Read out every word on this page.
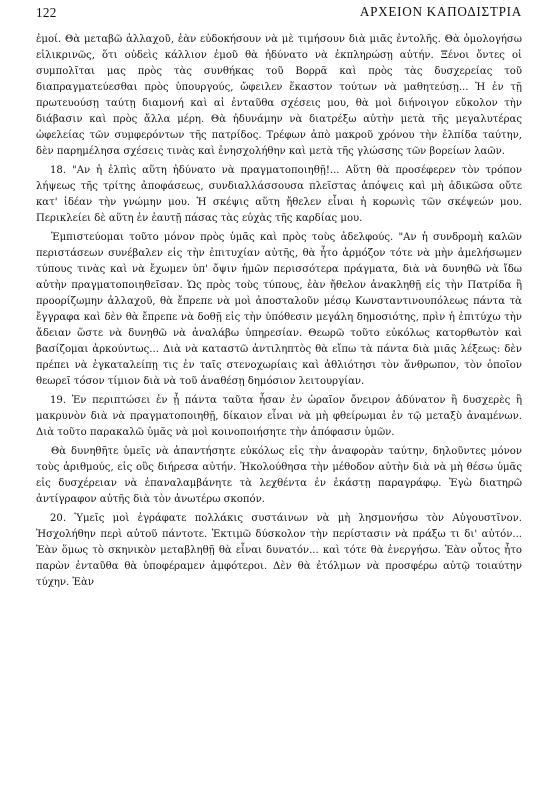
122	ΑΡΧΕΙΟΝ ΚΑΠΟΔΙΣΤΡΙΑ

ἐμοί. Θὰ μεταβῶ ἀλλαχοῦ, ἐὰν εὐδοκήσουν νὰ μὲ τιμήσουν διὰ μιᾶς ἐντολῆς. Θὰ ὁμολογήσω εἰλικρινῶς, ὅτι οὐδεὶς κάλλιον ἐμοῦ θὰ ἠδύνατο νὰ ἐκπληρώσῃ αὐτήν. Ξένοι ὄντες οἱ συμπολῖται μας πρὸς τὰς συνθήκας τοῦ Βορρᾶ καὶ πρὸς τὰς δυσχερείας τοῦ διαπραγματεύεσθαι πρὸς ὑπουργούς, ὤφειλεν ἕκαστον τούτων νὰ μαθητεύσῃ... Ἡ ἐν τῇ πρωτευούσῃ ταύτῃ διαμονή καὶ αἱ ἐνταῦθα σχέσεις μου, θὰ μοὶ διήνοιγον εὔκολον τὴν διάβασιν καὶ πρὸς ἄλλα μέρη. Θὰ ἠδυνάμην νὰ διατρέξω αὐτὴν μετὰ τῆς μεγαλυτέρας ὠφελείας τῶν συμφερόντων τῆς πατρίδος. Τρέφων ἀπὸ μακροῦ χρόνου τὴν ἐλπίδα ταύτην, δὲν παρημέλησα σχέσεις τινὰς καὶ ἐνησχολήθην καὶ μετὰ τῆς γλώσσης τῶν βορείων λαῶν.

18. "Αν ἡ ἐλπὶς αὕτη ἠδύνατο νὰ πραγματοποιηθῇ!... Αὕτη θὰ προσέφερεν τὸν τρόπον λήψεως τῆς τρίτης ἀποφάσεως, συνδιαλλάσσουσα πλεῖστας ἀπόψεις καὶ μὴ ἀδικῶσα οὔτε κατ' ἰδέαν τὴν γνώμην μου. Ἡ σκέψις αὕτη ἤθελεν εἶναι ἡ κορωνὶς τῶν σκέψεών μου. Περικλείει δὲ αὕτη ἐν ἑαυτῇ πάσας τὰς εὐχὰς τῆς καρδίας μου.

Ἐμπιστεύομαι τοῦτο μόνον πρὸς ὑμᾶς καὶ πρὸς τοὺς ἀδελφούς. "Αν ἡ συνδρομὴ καλῶν περιστάσεων συνέβαλεν εἰς τὴν ἐπιτυχίαν αὐτῆς, θὰ ἦτο ἁρμόζον τότε νὰ μὴν ἀμελήσωμεν τύπους τινὰς καὶ νὰ ἔχωμεν ὑπ' ὄψιν ἡμῶν περισσότερα πράγματα, διὰ νὰ δυνηθῶ νὰ ἴδω αὐτὴν πραγματοποιηθεῖσαν. Ὡς πρὸς τοὺς τύπους, ἐὰν ἤθελον ἀνακληθῇ εἰς τὴν Πατρίδα ἢ προορίζωμην ἀλλαχοῦ, θὰ ἔπρεπε νὰ μοὶ ἀποσταλοῦν μέσῳ Κωνσταντινουπόλεως πάντα τὰ ἔγγραφα καὶ δὲν θὰ ἔπρεπε νὰ δοθῇ εἰς τὴν ὑπόθεσιν μεγάλη δημοσιότης, πρὶν ἡ ἐπιτύχω τὴν ἄδειαν ὥστε νὰ δυνηθῶ νὰ ἀναλάβω ὑπηρεσίαν. Θεωρῶ τοῦτο εὐκόλως κατορθωτὸν καὶ βασίζομαι ἀρκούντως... Διὰ νὰ καταστῶ ἀντιληπτὸς θὰ εἴπω τὰ πάντα διὰ μιᾶς λέξεως: δὲν πρέπει νὰ ἐγκαταλείπῃ τις ἐν ταῖς στενοχωρίαις καὶ ἀθλιότησι τὸν ἄνθρωπον, τὸν ὁποῖον θεωρεῖ τόσον τίμιον διὰ νὰ τοῦ ἀναθέσῃ δημόσιον λειτουργίαν.

19. Ἐν περιπτώσει ἐν ᾗ πάντα ταῦτα ἦσαν ἐν ὡραῖον ὄνειρον ἀδύνατον ἢ δυσχερὲς ἢ μακρυνὸν διὰ νὰ πραγματοποιηθῇ, δίκαιον εἶναι νὰ μὴ φθείρωμαι ἐν τῷ μεταξὺ ἀναμένων. Διὰ τοῦτο παρακαλῶ ὑμᾶς νὰ μοὶ κοινοποιήσητε τὴν ἀπόφασιν ὑμῶν.

Θὰ δυνηθῆτε ὑμεῖς νὰ ἀπαντήσητε εὐκόλως εἰς τὴν ἀναφορὰν ταύτην, δηλοῦντες μόνον τοὺς ἀριθμούς, εἰς οὓς διήρεσα αὐτήν. Ἠκολούθησα τὴν μέθοδον αὐτὴν διὰ νὰ μὴ θέσω ὑμᾶς εἰς δυσχέρειαν νὰ ἐπαναλαμβάνητε τὰ λεχθέντα ἐν ἑκάστῃ παραγράφῳ. Ἐγὼ διατηρῶ ἀντίγραφον αὐτῆς διὰ τὸν ἀνωτέρω σκοπόν.

20. Ὑμεῖς μοὶ ἐγράφατε πολλάκις συστάινων νὰ μὴ λησμονήσω τὸν Αὐγουστῖνον. Ἠσχολήθην περὶ αὐτοῦ πάντοτε. Ἐκτιμῶ δύσκολον τὴν περίστασιν νὰ πράξω τι δι' αὐτόν... Ἐὰν ὅμως τὸ σκηνικὸν μεταβληθῇ θὰ εἶναι δυνατόν... καὶ τότε θὰ ἐνεργήσω. Ἐὰν οὗτος ἦτο παρὼν ἐνταῦθα θὰ ὑποφέραμεν ἀμφότεροι. Δὲν θὰ ἐτόλμων νὰ προσφέρω αὐτῷ τοιαύτην τύχην. Ἐὰν
